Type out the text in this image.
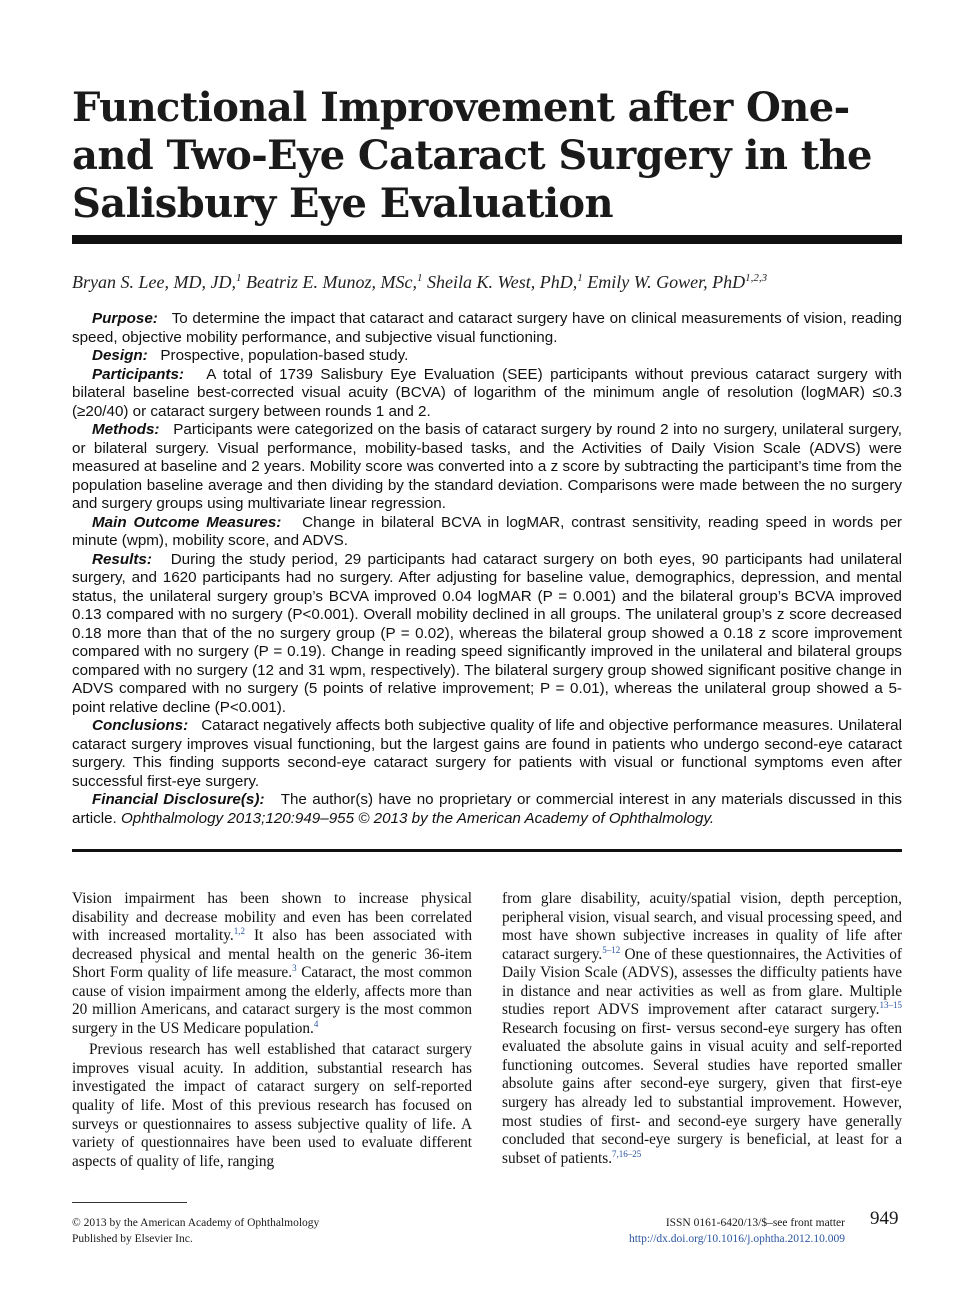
Functional Improvement after One- and Two-Eye Cataract Surgery in the Salisbury Eye Evaluation
Bryan S. Lee, MD, JD,$^1$ Beatriz E. Munoz, MSc,$^1$ Sheila K. West, PhD,$^1$ Emily W. Gower, PhD$^{1,2,3}$

Purpose: To determine the impact that cataract and cataract surgery have on clinical measurements of vision, reading speed, objective mobility performance, and subjective visual functioning.

Design: Prospective, population-based study.

Participants: A total of 1739 Salisbury Eye Evaluation (SEE) participants without previous cataract surgery with bilateral baseline best-corrected visual acuity (BCVA) of logarithm of the minimum angle of resolution (logMAR) ≤0.3 (≥20/40) or cataract surgery between rounds 1 and 2.

Methods: Participants were categorized on the basis of cataract surgery by round 2 into no surgery, unilateral surgery, or bilateral surgery. Visual performance, mobility-based tasks, and the Activities of Daily Vision Scale (ADVS) were measured at baseline and 2 years. Mobility score was converted into a z score by subtracting the participant’s time from the population baseline average and then dividing by the standard deviation. Comparisons were made between the no surgery and surgery groups using multivariate linear regression.

Main Outcome Measures: Change in bilateral BCVA in logMAR, contrast sensitivity, reading speed in words per minute (wpm), mobility score, and ADVS.

Results: During the study period, 29 participants had cataract surgery on both eyes, 90 participants had unilateral surgery, and 1620 participants had no surgery. After adjusting for baseline value, demographics, depression, and mental status, the unilateral surgery group’s BCVA improved 0.04 logMAR (P = 0.001) and the bilateral group’s BCVA improved 0.13 compared with no surgery (P<0.001). Overall mobility declined in all groups. The unilateral group’s z score decreased 0.18 more than that of the no surgery group (P = 0.02), whereas the bilateral group showed a 0.18 z score improvement compared with no surgery (P = 0.19). Change in reading speed significantly improved in the unilateral and bilateral groups compared with no surgery (12 and 31 wpm, respectively). The bilateral surgery group showed significant positive change in ADVS compared with no surgery (5 points of relative improvement; P = 0.01), whereas the unilateral group showed a 5-point relative decline (P<0.001).

Conclusions: Cataract negatively affects both subjective quality of life and objective performance measures. Unilateral cataract surgery improves visual functioning, but the largest gains are found in patients who undergo second-eye cataract surgery. This finding supports second-eye cataract surgery for patients with visual or functional symptoms even after successful first-eye surgery.

Financial Disclosure(s): The author(s) have no proprietary or commercial interest in any materials discussed in this article. Ophthalmology 2013;120:949–955 © 2013 by the American Academy of Ophthalmology.

Vision impairment has been shown to increase physical disability and decrease mobility and even has been correlated with increased mortality.$^{1,2}$ It also has been associated with decreased physical and mental health on the generic 36-item Short Form quality of life measure.$^3$ Cataract, the most common cause of vision impairment among the elderly, affects more than 20 million Americans, and cataract surgery is the most common surgery in the US Medicare population.$^4$

Previous research has well established that cataract surgery improves visual acuity. In addition, substantial research has investigated the impact of cataract surgery on self-reported quality of life. Most of this previous research has focused on surveys or questionnaires to assess subjective quality of life. A variety of questionnaires have been used to evaluate different aspects of quality of life, ranging

from glare disability, acuity/spatial vision, depth perception, peripheral vision, visual search, and visual processing speed, and most have shown subjective increases in quality of life after cataract surgery.$^{5-12}$ One of these questionnaires, the Activities of Daily Vision Scale (ADVS), assesses the difficulty patients have in distance and near activities as well as from glare. Multiple studies report ADVS improvement after cataract surgery.$^{13-15}$ Research focusing on first- versus second-eye surgery has often evaluated the absolute gains in visual acuity and self-reported functioning outcomes. Several studies have reported smaller absolute gains after second-eye surgery, given that first-eye surgery has already led to substantial improvement. However, most studies of first- and second-eye surgery have generally concluded that second-eye surgery is beneficial, at least for a subset of patients.$^{7,16-25}$

© 2013 by the American Academy of Ophthalmology
Published by Elsevier Inc.
ISSN 0161-6420/13/$–see front matter
http://dx.doi.org/10.1016/j.ophtha.2012.10.009
949
